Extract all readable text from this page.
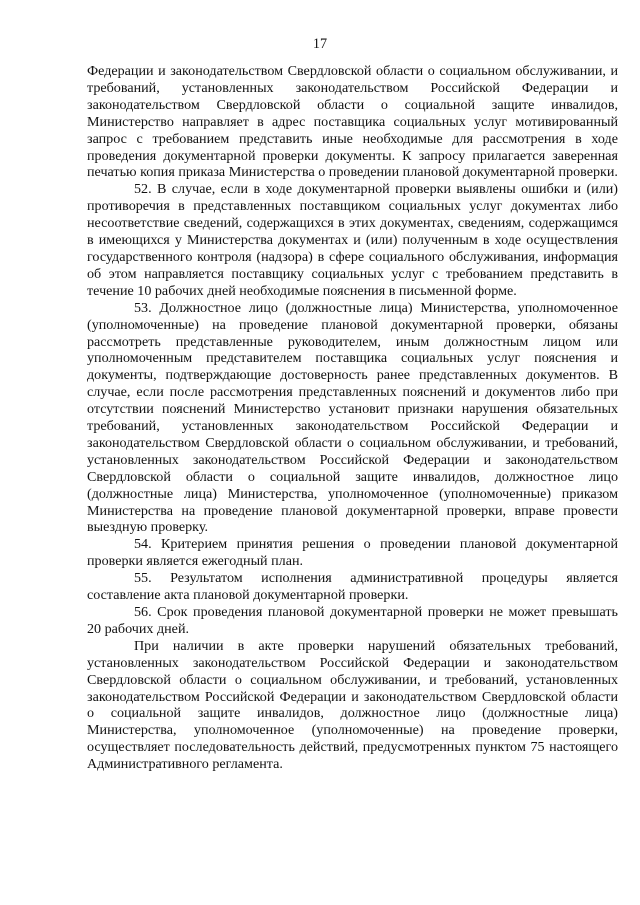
17

Федерации и законодательством Свердловской области о социальном обслуживании, и требований, установленных законодательством Российской Федерации и законодательством Свердловской области о социальной защите инвалидов, Министерство направляет в адрес поставщика социальных услуг мотивированный запрос с требованием представить иные необходимые для рассмотрения в ходе проведения документарной проверки документы. К запросу прилагается заверенная печатью копия приказа Министерства о проведении плановой документарной проверки.

52. В случае, если в ходе документарной проверки выявлены ошибки и (или) противоречия в представленных поставщиком социальных услуг документах либо несоответствие сведений, содержащихся в этих документах, сведениям, содержащимся в имеющихся у Министерства документах и (или) полученным в ходе осуществления государственного контроля (надзора) в сфере социального обслуживания, информация об этом направляется поставщику социальных услуг с требованием представить в течение 10 рабочих дней необходимые пояснения в письменной форме.

53. Должностное лицо (должностные лица) Министерства, уполномоченное (уполномоченные) на проведение плановой документарной проверки, обязаны рассмотреть представленные руководителем, иным должностным лицом или уполномоченным представителем поставщика социальных услуг пояснения и документы, подтверждающие достоверность ранее представленных документов. В случае, если после рассмотрения представленных пояснений и документов либо при отсутствии пояснений Министерство установит признаки нарушения обязательных требований, установленных законодательством Российской Федерации и законодательством Свердловской области о социальном обслуживании, и требований, установленных законодательством Российской Федерации и законодательством Свердловской области о социальной защите инвалидов, должностное лицо (должностные лица) Министерства, уполномоченное (уполномоченные) приказом Министерства на проведение плановой документарной проверки, вправе провести выездную проверку.

54. Критерием принятия решения о проведении плановой документарной проверки является ежегодный план.

55. Результатом исполнения административной процедуры является составление акта плановой документарной проверки.

56. Срок проведения плановой документарной проверки не может превышать 20 рабочих дней.

При наличии в акте проверки нарушений обязательных требований, установленных законодательством Российской Федерации и законодательством Свердловской области о социальном обслуживании, и требований, установленных законодательством Российской Федерации и законодательством Свердловской области о социальной защите инвалидов, должностное лицо (должностные лица) Министерства, уполномоченное (уполномоченные) на проведение проверки, осуществляет последовательность действий, предусмотренных пунктом 75 настоящего Административного регламента.
